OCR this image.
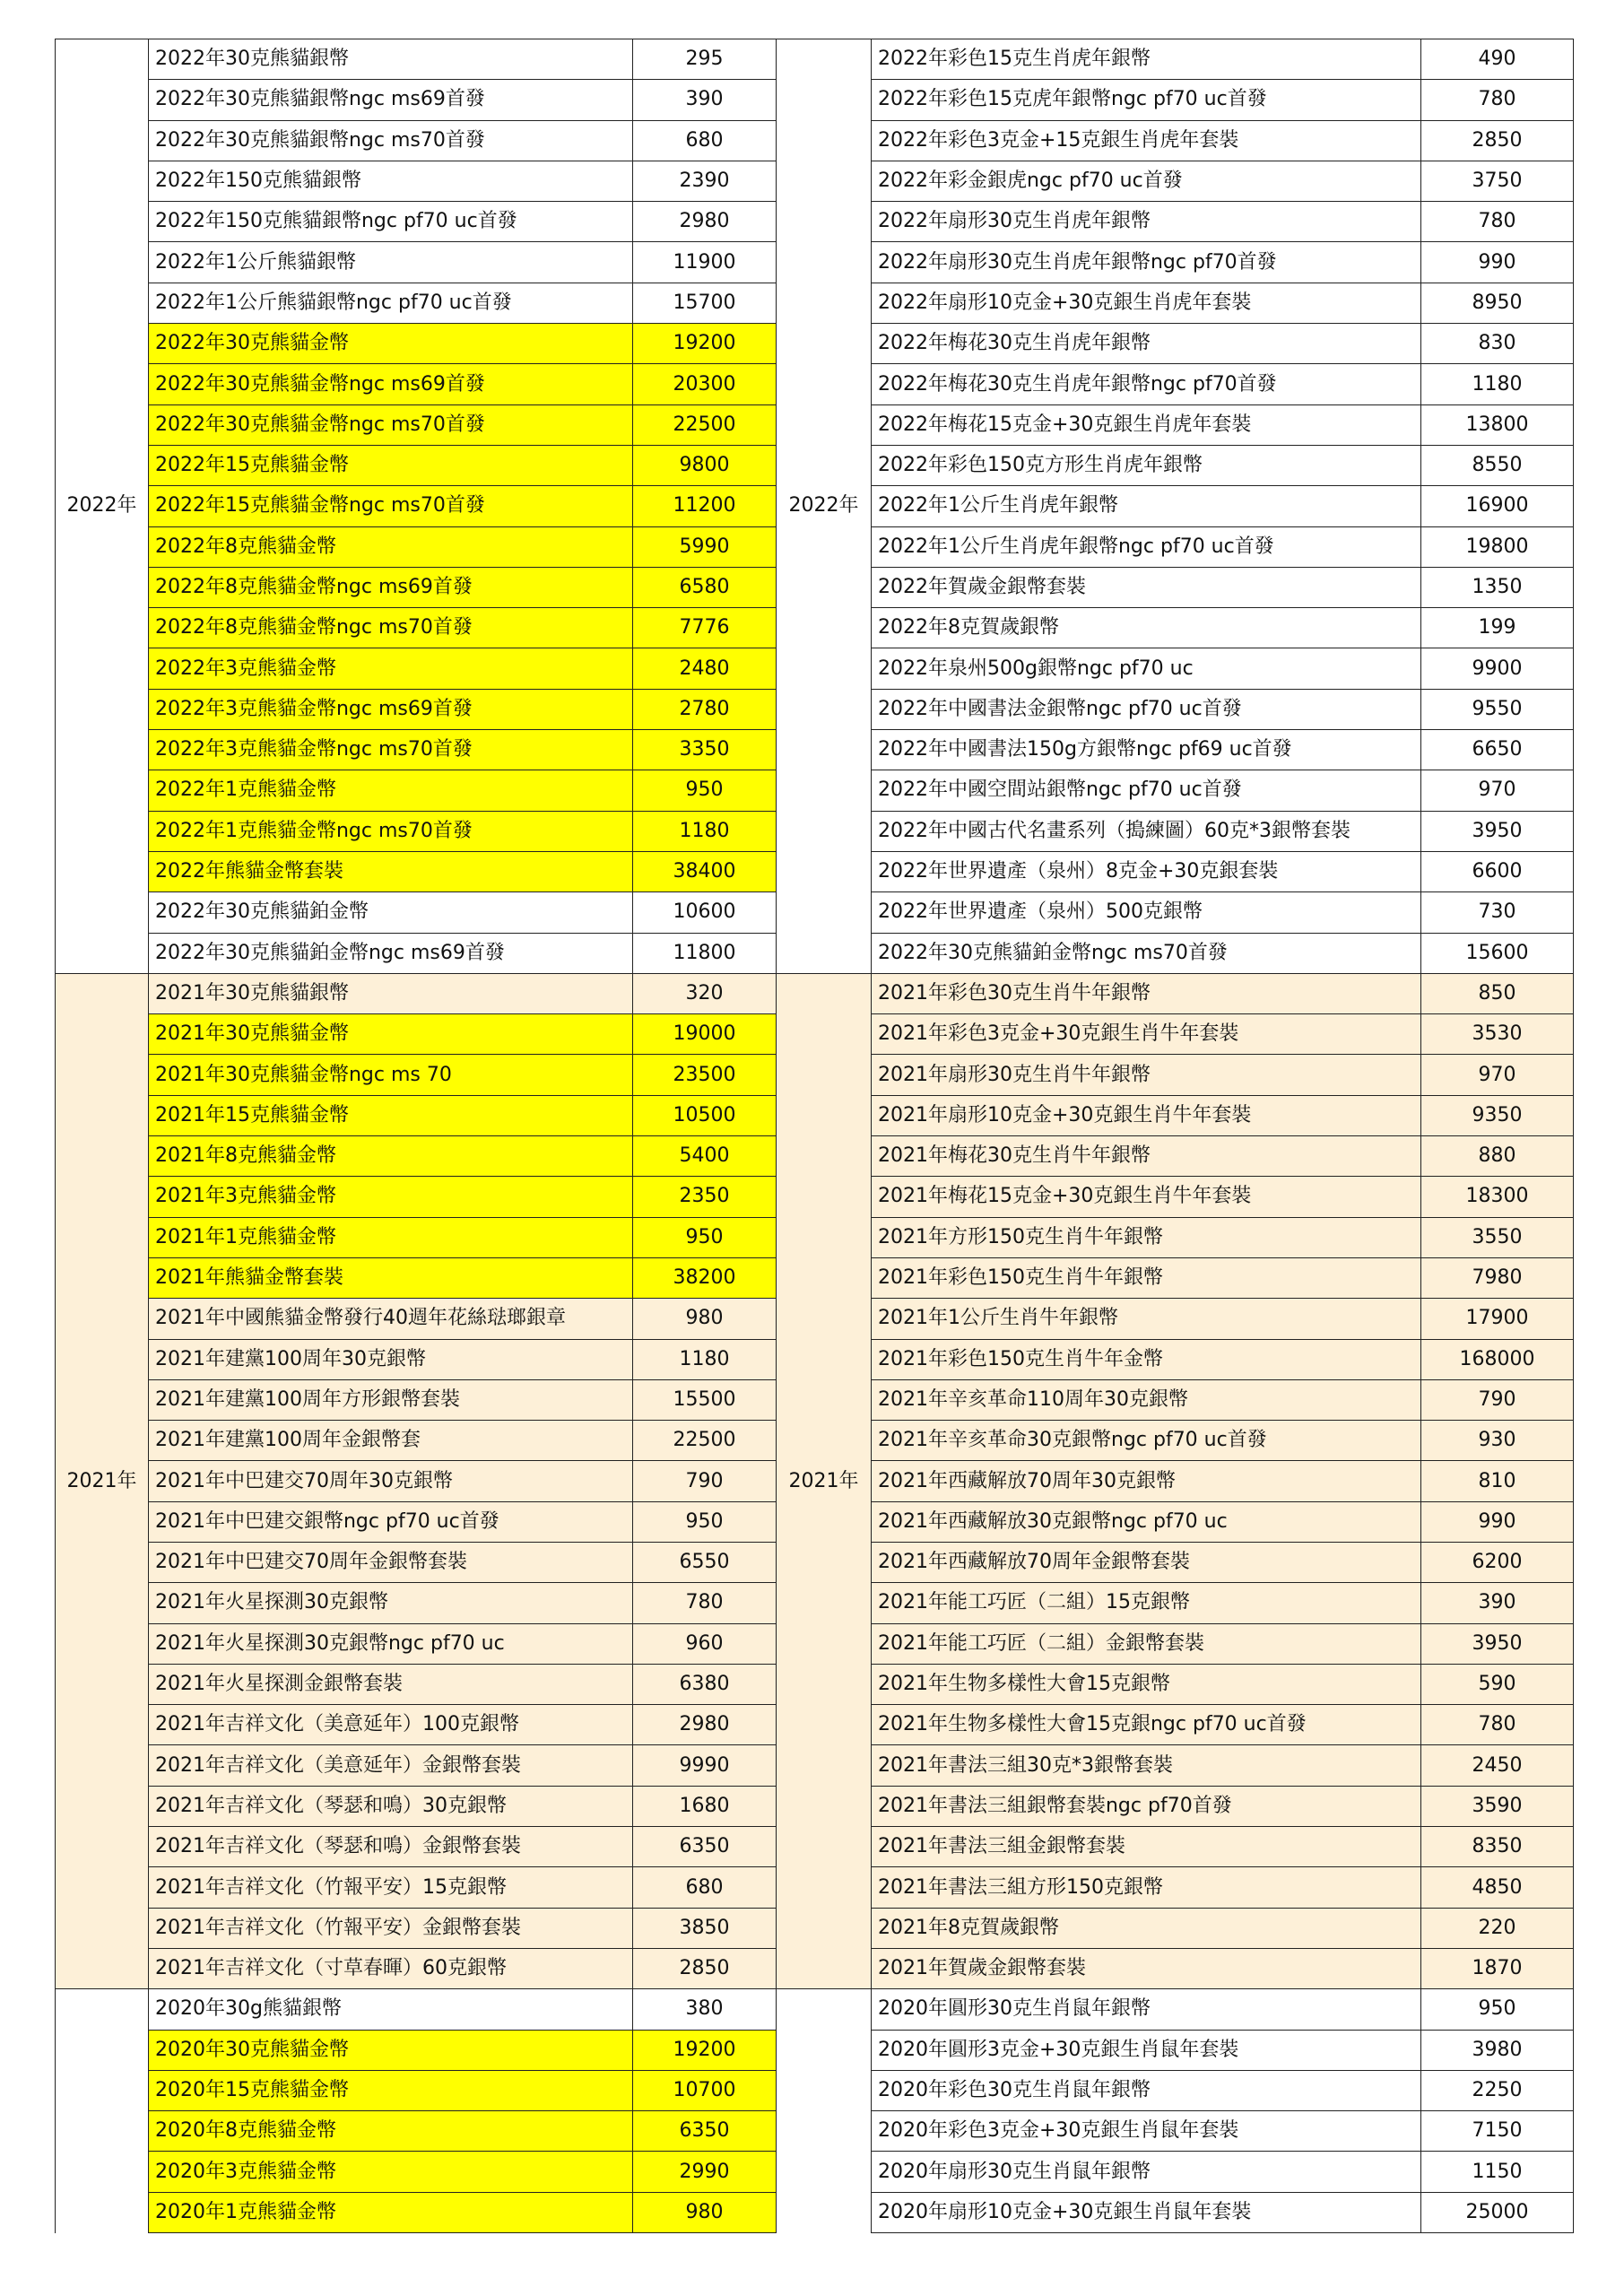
2022年	2022年30克熊貓銀幣	295	2022年	2022年彩色15克生肖虎年銀幣	490
	2022年30克熊貓銀幣ngc ms69首發	390		2022年彩色15克虎年銀幣ngc pf70 uc首發	780
	2022年30克熊貓銀幣ngc ms70首發	680		2022年彩色3克金+15克銀生肖虎年套裝	2850
	2022年150克熊貓銀幣	2390		2022年彩金銀虎ngc pf70 uc首發	3750
	2022年150克熊貓銀幣ngc pf70 uc首發	2980		2022年扇形30克生肖虎年銀幣	780
	2022年1公斤熊貓銀幣	11900		2022年扇形30克生肖虎年銀幣ngc pf70首發	990
	2022年1公斤熊貓銀幣ngc pf70 uc首發	15700		2022年扇形10克金+30克銀生肖虎年套裝	8950
	2022年30克熊貓金幣	19200		2022年梅花30克生肖虎年銀幣	830
	2022年30克熊貓金幣ngc ms69首發	20300		2022年梅花30克生肖虎年銀幣ngc pf70首發	1180
	2022年30克熊貓金幣ngc ms70首發	22500		2022年梅花15克金+30克銀生肖虎年套裝	13800
	2022年15克熊貓金幣	9800		2022年彩色150克方形生肖虎年銀幣	8550
	2022年15克熊貓金幣ngc ms70首發	11200		2022年1公斤生肖虎年銀幣	16900
	2022年8克熊貓金幣	5990		2022年1公斤生肖虎年銀幣ngc pf70 uc首發	19800
	2022年8克熊貓金幣ngc ms69首發	6580		2022年賀歲金銀幣套裝	1350
	2022年8克熊貓金幣ngc ms70首發	7776		2022年8克賀歲銀幣	199
	2022年3克熊貓金幣	2480		2022年泉州500g銀幣ngc pf70 uc	9900
	2022年3克熊貓金幣ngc ms69首發	2780		2022年中國書法金銀幣ngc pf70 uc首發	9550
	2022年3克熊貓金幣ngc ms70首發	3350		2022年中國書法150g方銀幣ngc pf69 uc首發	6650
	2022年1克熊貓金幣	950		2022年中國空間站銀幣ngc pf70 uc首發	970
	2022年1克熊貓金幣ngc ms70首發	1180		2022年中國古代名畫系列（搗練圖）60克*3銀幣套裝	3950
	2022年熊貓金幣套裝	38400		2022年世界遺產（泉州）8克金+30克銀套裝	6600
	2022年30克熊貓鉑金幣	10600		2022年世界遺產（泉州）500克銀幣	730
	2022年30克熊貓鉑金幣ngc ms69首發	11800		2022年30克熊貓鉑金幣ngc ms70首發	15600
2021年	2021年30克熊貓銀幣	320	2021年	2021年彩色30克生肖牛年銀幣	850
	2021年30克熊貓金幣	19000		2021年彩色3克金+30克銀生肖牛年套裝	3530
	2021年30克熊貓金幣ngc ms 70	23500		2021年扇形30克生肖牛年銀幣	970
	2021年15克熊貓金幣	10500		2021年扇形10克金+30克銀生肖牛年套裝	9350
	2021年8克熊貓金幣	5400		2021年梅花30克生肖牛年銀幣	880
	2021年3克熊貓金幣	2350		2021年梅花15克金+30克銀生肖牛年套裝	18300
	2021年1克熊貓金幣	950		2021年方形150克生肖牛年銀幣	3550
	2021年熊貓金幣套裝	38200		2021年彩色150克生肖牛年銀幣	7980
	2021年中國熊貓金幣發行40週年花絲琺瑯銀章	980		2021年1公斤生肖牛年銀幣	17900
	2021年建黨100周年30克銀幣	1180		2021年彩色150克生肖牛年金幣	168000
	2021年建黨100周年方形銀幣套裝	15500		2021年辛亥革命110周年30克銀幣	790
	2021年建黨100周年金銀幣套	22500		2021年辛亥革命30克銀幣ngc pf70 uc首發	930
	2021年中巴建交70周年30克銀幣	790		2021年西藏解放70周年30克銀幣	810
	2021年中巴建交銀幣ngc pf70 uc首發	950		2021年西藏解放30克銀幣ngc pf70 uc	990
	2021年中巴建交70周年金銀幣套裝	6550		2021年西藏解放70周年金銀幣套裝	6200
	2021年火星探測30克銀幣	780		2021年能工巧匠（二組）15克銀幣	390
	2021年火星探測30克銀幣ngc pf70 uc	960		2021年能工巧匠（二組）金銀幣套裝	3950
	2021年火星探測金銀幣套裝	6380		2021年生物多樣性大會15克銀幣	590
	2021年吉祥文化（美意延年）100克銀幣	2980		2021年生物多樣性大會15克銀ngc pf70 uc首發	780
	2021年吉祥文化（美意延年）金銀幣套裝	9990		2021年書法三組30克*3銀幣套裝	2450
	2021年吉祥文化（琴瑟和鳴）30克銀幣	1680		2021年書法三組銀幣套裝ngc pf70首發	3590
	2021年吉祥文化（琴瑟和鳴）金銀幣套裝	6350		2021年書法三組金銀幣套裝	8350
	2021年吉祥文化（竹報平安）15克銀幣	680		2021年書法三組方形150克銀幣	4850
	2021年吉祥文化（竹報平安）金銀幣套裝	3850		2021年8克賀歲銀幣	220
	2021年吉祥文化（寸草春暉）60克銀幣	2850		2021年賀歲金銀幣套裝	1870
	2020年30g熊貓銀幣	380		2020年圓形30克生肖鼠年銀幣	950
	2020年30克熊貓金幣	19200		2020年圓形3克金+30克銀生肖鼠年套裝	3980
	2020年15克熊貓金幣	10700		2020年彩色30克生肖鼠年銀幣	2250
	2020年8克熊貓金幣	6350		2020年彩色3克金+30克銀生肖鼠年套裝	7150
	2020年3克熊貓金幣	2990		2020年扇形30克生肖鼠年銀幣	1150
	2020年1克熊貓金幣	980		2020年扇形10克金+30克銀生肖鼠年套裝	25000
